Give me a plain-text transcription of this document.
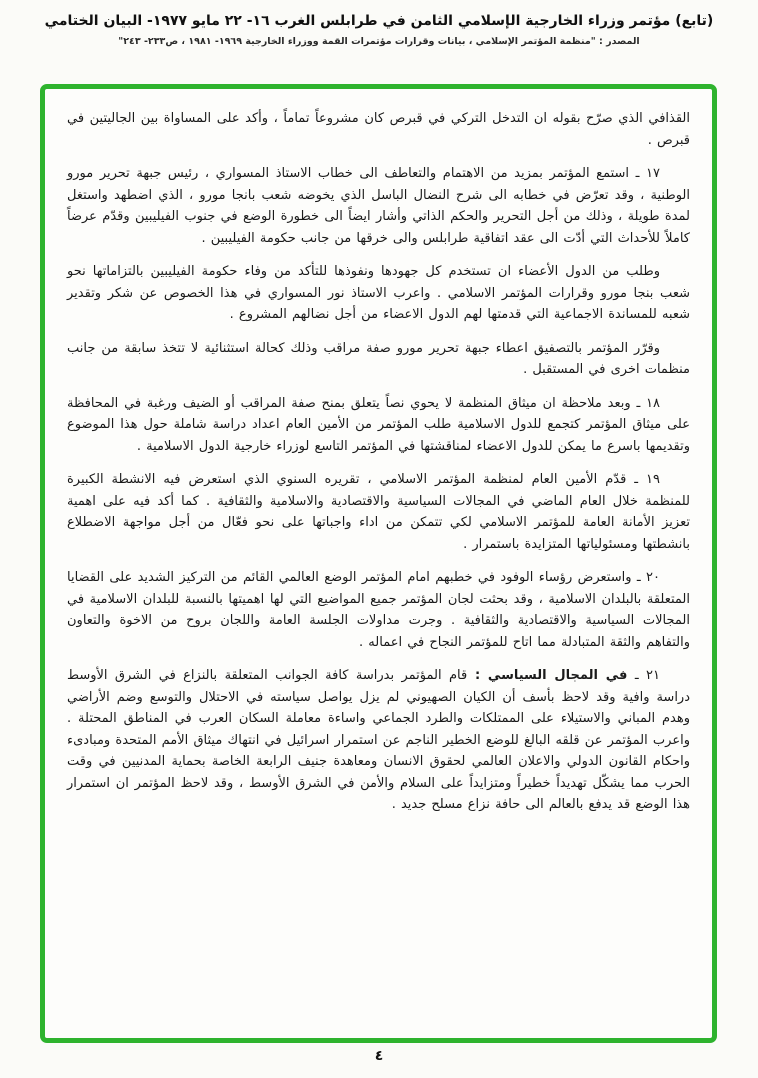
(تابع) مؤتمر وزراء الخارجية الإسلامي الثامن في طرابلس الغرب ١٦- ٢٢ مايو ١٩٧٧- البيان الختامي
المصدر : "منظمة المؤتمر الإسلامي ، بيانات وقرارات مؤتمرات القمة ووزراء الخارجية ١٩٦٩- ١٩٨١ ، ص٢٣٣- ٢٤٣"

القذافي الذي صرّح بقوله ان التدخل التركي في قبرص كان مشروعاً تماماً ، وأكد على المساواة بين الجاليتين في قبرص .

١٧ ـ استمع المؤتمر بمزيد من الاهتمام والتعاطف الى خطاب الاستاذ المسواري ، رئيس جبهة تحرير مورو الوطنية ، وقد تعرّض في خطابه الى شرح النضال الباسل الذي يخوضه شعب بانجا مورو ، الذي اضطهد واستغل لمدة طويلة ، وذلك من أجل التحرير والحكم الذاتي وأشار ايضاً الى خطورة الوضع في جنوب الفيليبين وقدّم عرضاً كاملاً للأحداث التي أدّت الى عقد اتفاقية طرابلس والى خرقها من جانب حكومة الفيليبين .

وطلب من الدول الأعضاء ان تستخدم كل جهودها ونفوذها للتأكد من وفاء حكومة الفيليبين بالتزاماتها نحو شعب بنجا مورو وقرارات المؤتمر الاسلامي . واعرب الاستاذ نور المسواري في هذا الخصوص عن شكر وتقدير شعبه للمساندة الاجماعية التي قدمتها لهم الدول الاعضاء من أجل نضالهم المشروع .

وقرّر المؤتمر بالتصفيق اعطاء جبهة تحرير مورو صفة مراقب وذلك كحالة استثنائية لا تتخذ سابقة من جانب منظمات اخرى في المستقبل .

١٨ ـ وبعد ملاحظة ان ميثاق المنظمة لا يحوي نصاً يتعلق بمنح صفة المراقب أو الضيف ورغبة في المحافظة على ميثاق المؤتمر كتجمع للدول الاسلامية طلب المؤتمر من الأمين العام اعداد دراسة شاملة حول هذا الموضوع وتقديمها باسرع ما يمكن للدول الاعضاء لمناقشتها في المؤتمر التاسع لوزراء خارجية الدول الاسلامية .

١٩ ـ قدّم الأمين العام لمنظمة المؤتمر الاسلامي ، تقريره السنوي الذي استعرض فيه الانشطة الكبيرة للمنظمة خلال العام الماضي في المجالات السياسية والاقتصادية والاسلامية والثقافية . كما أكد فيه على اهمية تعزيز الأمانة العامة للمؤتمر الاسلامي لكي تتمكن من اداء واجباتها على نحو فعّال من أجل مواجهة الاضطلاع بانشطتها ومسئولياتها المتزايدة باستمرار .

٢٠ ـ واستعرض رؤساء الوفود في خطبهم امام المؤتمر الوضع العالمي القائم من التركيز الشديد على القضايا المتعلقة بالبلدان الاسلامية ، وقد بحثت لجان المؤتمر جميع المواضيع التي لها اهميتها بالنسبة للبلدان الاسلامية في المجالات السياسية والاقتصادية والثقافية . وجرت مداولات الجلسة العامة واللجان بروح من الاخوة والتعاون والتفاهم والثقة المتبادلة مما اتاح للمؤتمر النجاح في اعماله .

٢١ ـ في المجال السياسي : قام المؤتمر بدراسة كافة الجوانب المتعلقة بالنزاع في الشرق الأوسط دراسة وافية وقد لاحظ بأسف أن الكيان الصهيوني لم يزل يواصل سياسته في الاحتلال والتوسع وضم الأراضي وهدم المباني والاستيلاء على الممتلكات والطرد الجماعي واساءة معاملة السكان العرب في المناطق المحتلة . واعرب المؤتمر عن قلقه البالغ للوضع الخطير الناجم عن استمرار اسرائيل في انتهاك ميثاق الأمم المتحدة ومبادىء واحكام القانون الدولي والاعلان العالمي لحقوق الانسان ومعاهدة جنيف الرابعة الخاصة بحماية المدنيين في وقت الحرب مما يشكّل تهديداً خطيراً ومتزايداً على السلام والأمن في الشرق الأوسط ، وقد لاحظ المؤتمر ان استمرار هذا الوضع قد يدفع بالعالم الى حافة نزاع مسلح جديد .

٤
